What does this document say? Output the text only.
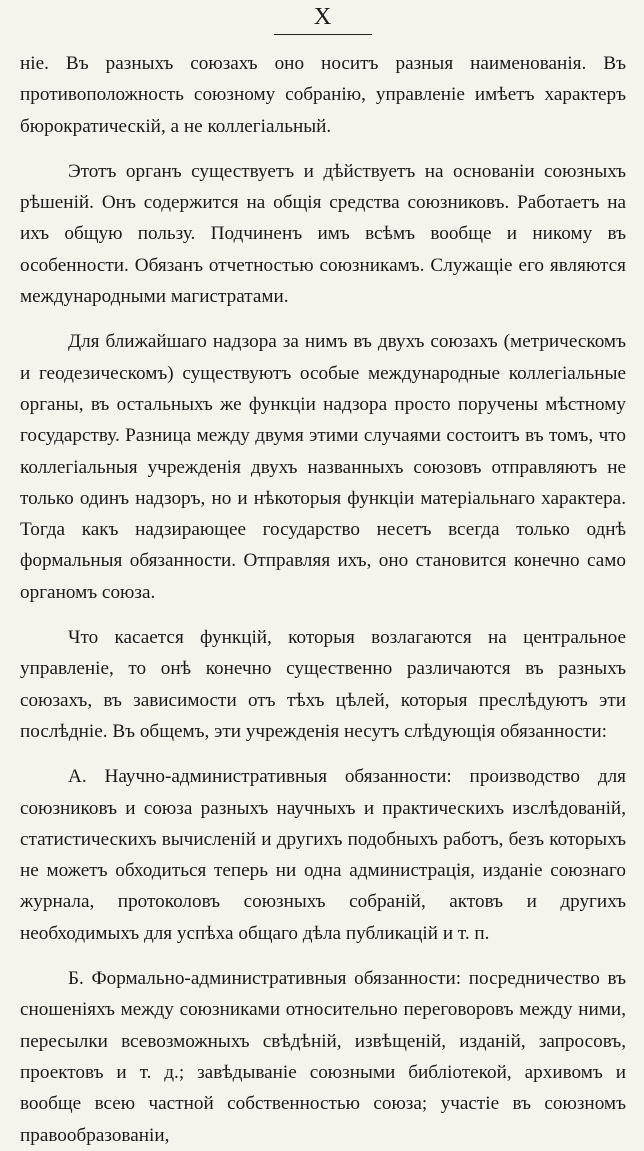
X

ніе. Въ разныхъ союзахъ оно носитъ разныя наименованія. Въ противоположность союзному собранію, управленіе имѣетъ характеръ бюрократическій, а не коллегіальный.

Этотъ органъ существуетъ и дѣйствуетъ на основаніи союзныхъ рѣшеній. Онъ содержится на общія средства союзниковъ. Работаетъ на ихъ общую пользу. Подчиненъ имъ всѣмъ вообще и никому въ особенности. Обязанъ отчетностью союзникамъ. Служащіе его являются международными магистратами.

Для ближайшаго надзора за нимъ въ двухъ союзахъ (метрическомъ и геодезическомъ) существуютъ особые международные коллегіальные органы, въ остальныхъ же функціи надзора просто поручены мѣстному государству. Разница между двумя этими случаями состоитъ въ томъ, что коллегіальныя учрежденія двухъ названныхъ союзовъ отправляютъ не только одинъ надзоръ, но и нѣкоторыя функціи матеріальнаго характера. Тогда какъ надзирающее государство несетъ всегда только однѣ формальныя обязанности. Отправляя ихъ, оно становится конечно само органомъ союза.

Что касается функцій, которыя возлагаются на центральное управленіе, то онѣ конечно существенно различаются въ разныхъ союзахъ, въ зависимости отъ тѣхъ цѣлей, которыя преслѣдуютъ эти послѣдніе. Въ общемъ, эти учрежденія несутъ слѣдующія обязанности:

А. Научно-административныя обязанности: производство для союзниковъ и союза разныхъ научныхъ и практическихъ изслѣдованій, статистическихъ вычисленій и другихъ подобныхъ работъ, безъ которыхъ не можетъ обходиться теперь ни одна администрація, изданіе союзнаго журнала, протоколовъ союзныхъ собраній, актовъ и другихъ необходимыхъ для успѣха общаго дѣла публикацій и т. п.

Б. Формально-административныя обязанности: посредничество въ сношеніяхъ между союзниками относительно переговоровъ между ними, пересылки всевозможныхъ свѣдѣній, извѣщеній, изданій, запросовъ, проектовъ и т. д.; завѣдываніе союзными библіотекой, архивомъ и вообще всею частной собственностью союза; участіе въ союзномъ правообразованіи,
